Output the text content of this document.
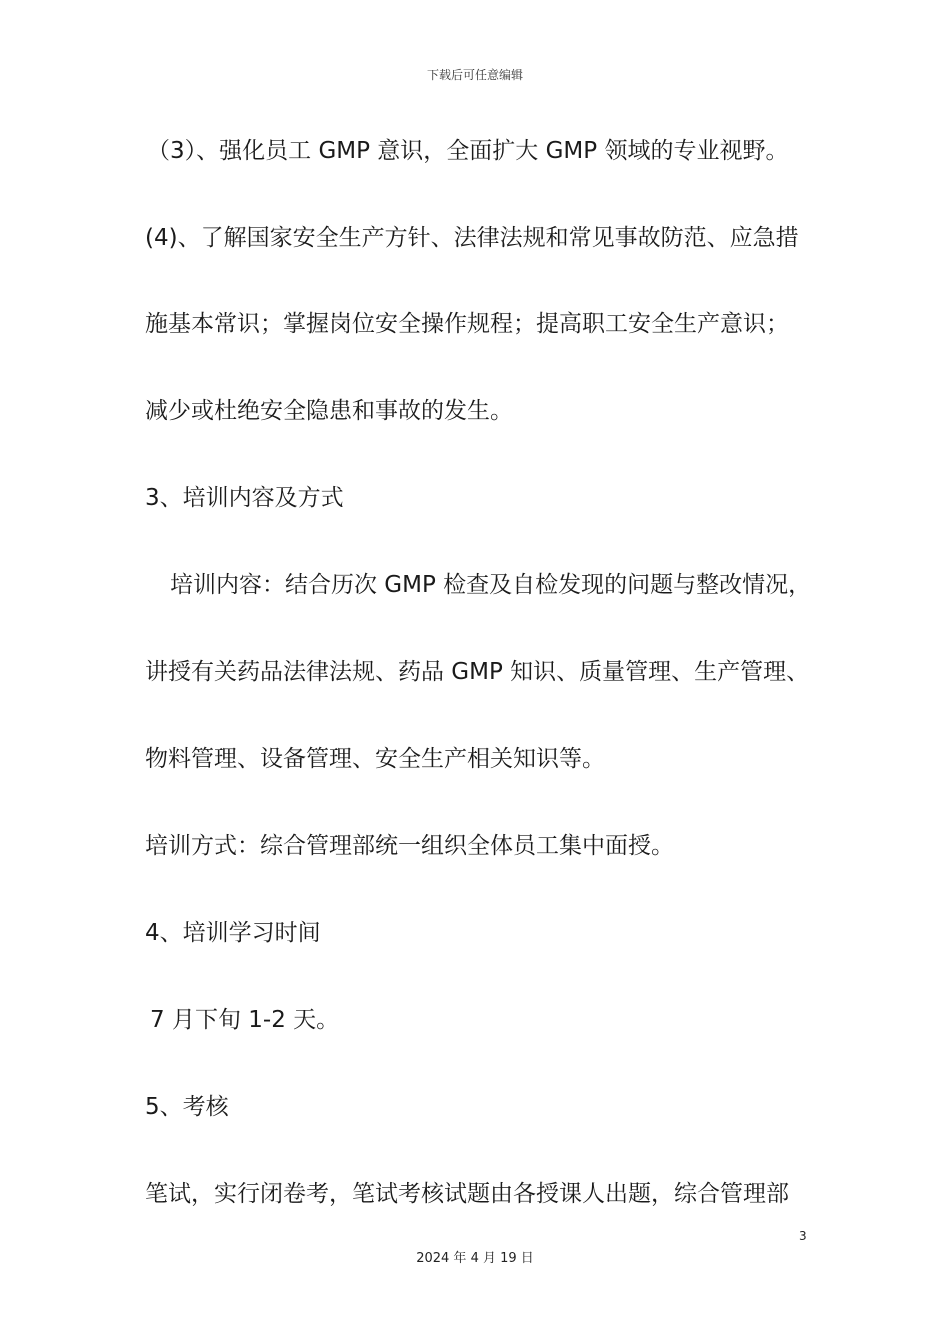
下载后可任意编辑
（3）、强化员工 GMP 意识，全面扩大 GMP 领域的专业视野。
(4)、了解国家安全生产方针、法律法规和常见事故防范、应急措
施基本常识；掌握岗位安全操作规程；提高职工安全生产意识；
减少或杜绝安全隐患和事故的发生。
3、培训内容及方式
培训内容：结合历次 GMP 检查及自检发现的问题与整改情况，
讲授有关药品法律法规、药品 GMP 知识、质量管理、生产管理、
物料管理、设备管理、安全生产相关知识等。
培训方式：综合管理部统一组织全体员工集中面授。
4、培训学习时间
7 月下旬 1-2 天。
5、考核
笔试，实行闭卷考，笔试考核试题由各授课人出题，综合管理部
3
2024 年 4 月 19 日
